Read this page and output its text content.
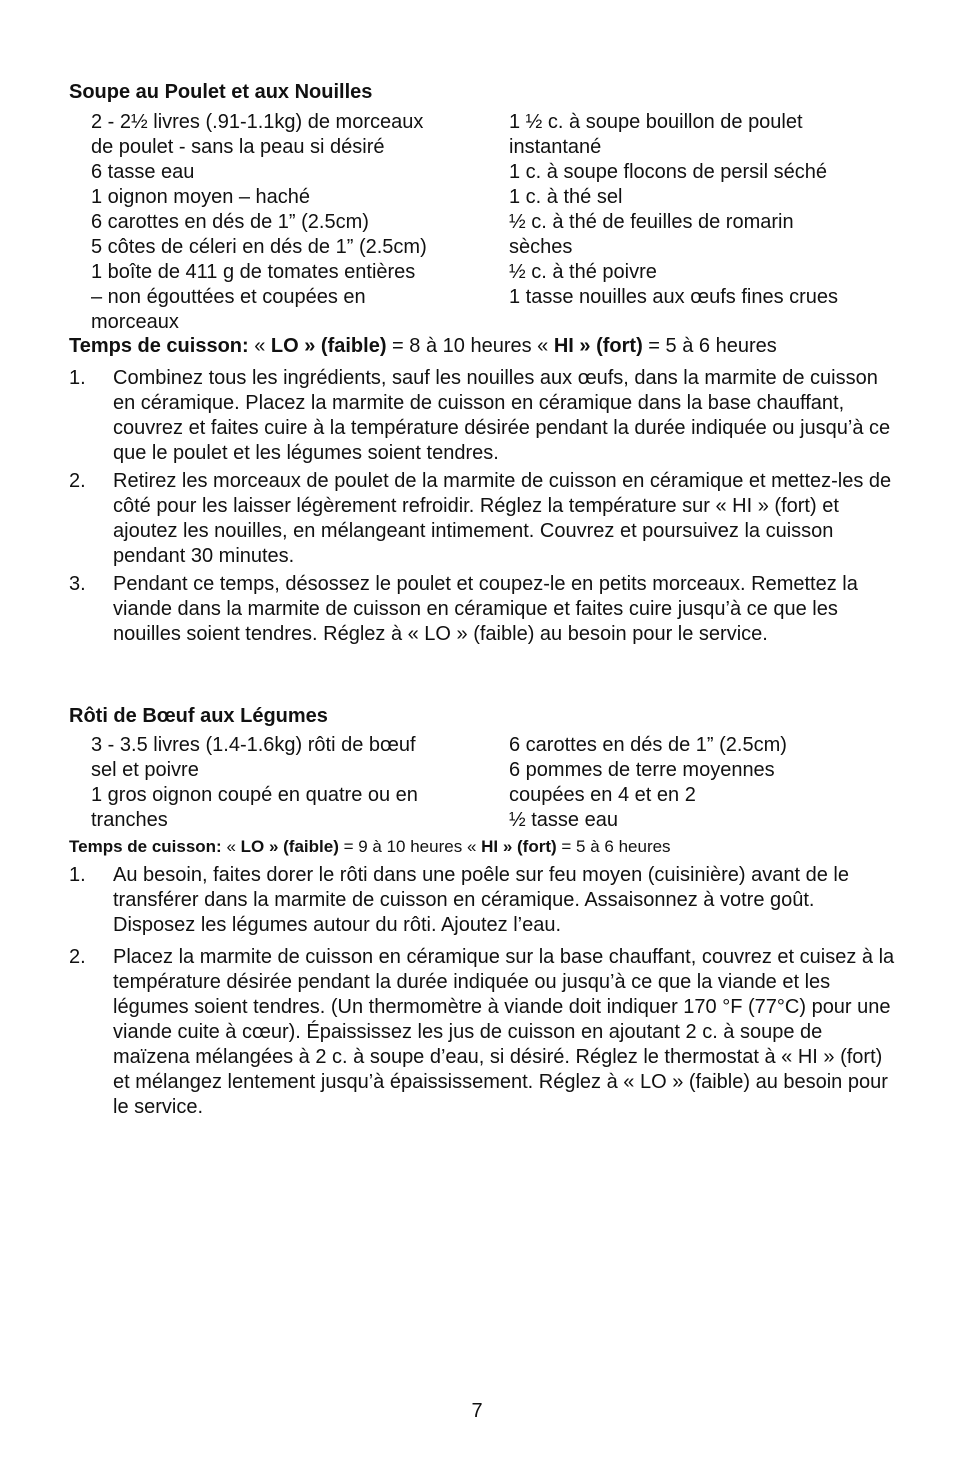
Soupe au Poulet et aux Nouilles
2 - 2½ livres (.91-1.1kg) de morceaux
de poulet - sans la peau si désiré
6 tasse eau
1 oignon moyen – haché
6 carottes en dés de 1” (2.5cm)
5 côtes de céleri en dés de 1” (2.5cm)
1 boîte de 411 g de tomates entières
– non égouttées et coupées en
morceaux
1 ½ c. à soupe bouillon de poulet
instantané
1 c. à soupe flocons de persil séché
1 c. à thé sel
½ c. à thé de feuilles de romarin
sèches
½ c. à thé poivre
1 tasse nouilles aux œufs fines crues
Temps de cuisson: « LO » (faible) = 8 à 10 heures « HI » (fort) = 5 à 6 heures
1.	Combinez tous les ingrédients, sauf les nouilles aux œufs, dans la marmite de cuisson en céramique. Placez la marmite de cuisson en céramique dans la base chauffant, couvrez et faites cuire à la température désirée pendant la durée indiquée ou jusqu’à ce que le poulet et les légumes soient tendres.
2.	Retirez les morceaux de poulet de la marmite de cuisson en céramique et mettez-les de côté pour les laisser légèrement refroidir. Réglez la température sur « HI » (fort) et ajoutez les nouilles, en mélangeant intimement. Couvrez et poursuivez la cuisson pendant 30 minutes.
3.	Pendant ce temps, désossez le poulet et coupez-le en petits morceaux. Remettez la viande dans la marmite de cuisson en céramique et faites cuire jusqu’à ce que les nouilles soient tendres. Réglez à « LO » (faible) au besoin pour le service.
Rôti de Bœuf aux Légumes
3 - 3.5 livres (1.4-1.6kg) rôti de bœuf
sel et poivre
1 gros oignon coupé en quatre ou en
tranches
6 carottes en dés de 1” (2.5cm)
6 pommes de terre moyennes
coupées en 4 et en 2
½ tasse eau
Temps de cuisson: « LO » (faible) = 9 à 10 heures « HI » (fort) = 5 à 6 heures
1.	Au besoin, faites dorer le rôti dans une poêle sur feu moyen (cuisinière) avant de le transférer dans la marmite de cuisson en céramique. Assaisonnez à votre goût. Disposez les légumes autour du rôti. Ajoutez l’eau.
2.	Placez la marmite de cuisson en céramique sur la base chauffant, couvrez et cuisez à la température désirée pendant la durée indiquée ou jusqu’à ce que la viande et les légumes soient tendres. (Un thermomètre à viande doit indiquer 170 °F (77°C) pour une viande cuite à cœur). Épaississez les jus de cuisson en ajoutant 2 c. à soupe de maïzena mélangées à 2 c. à soupe d’eau, si désiré. Réglez le thermostat à « HI » (fort) et mélangez lentement jusqu’à épaississement. Réglez à « LO » (faible) au besoin pour le service.
7
